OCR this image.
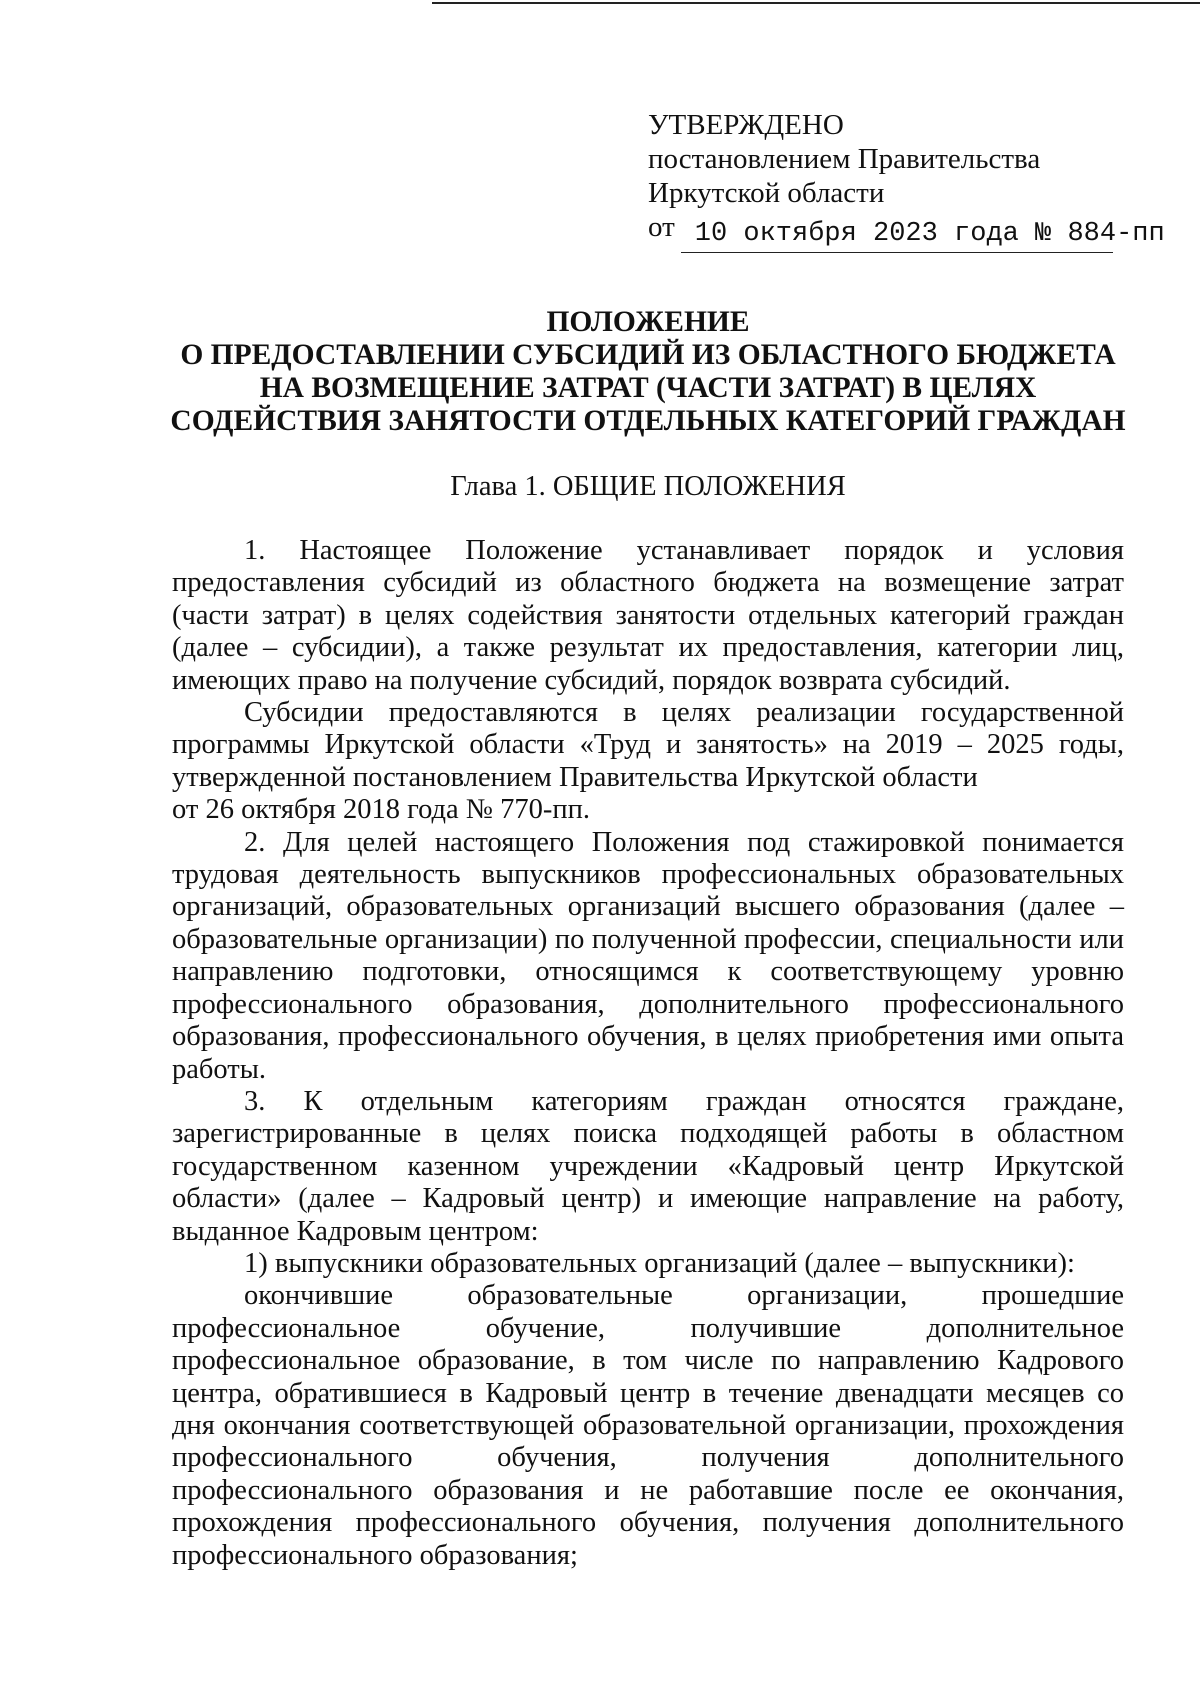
УТВЕРЖДЕНО
постановлением Правительства
Иркутской области
от 10 октября 2023 года № 884-пп
ПОЛОЖЕНИЕ
О ПРЕДОСТАВЛЕНИИ СУБСИДИЙ ИЗ ОБЛАСТНОГО БЮДЖЕТА
НА ВОЗМЕЩЕНИЕ ЗАТРАТ (ЧАСТИ ЗАТРАТ) В ЦЕЛЯХ
СОДЕЙСТВИЯ ЗАНЯТОСТИ ОТДЕЛЬНЫХ КАТЕГОРИЙ ГРАЖДАН
Глава 1. ОБЩИЕ ПОЛОЖЕНИЯ

1. Настоящее Положение устанавливает порядок и условия предоставления субсидий из областного бюджета на возмещение затрат (части затрат) в целях содействия занятости отдельных категорий граждан (далее – субсидии), а также результат их предоставления, категории лиц, имеющих право на получение субсидий, порядок возврата субсидий.

Субсидии предоставляются в целях реализации государственной программы Иркутской области «Труд и занятость» на 2019 – 2025 годы, утвержденной постановлением Правительства Иркутской области

от 26 октября 2018 года № 770-пп.

2. Для целей настоящего Положения под стажировкой понимается трудовая деятельность выпускников профессиональных образовательных организаций, образовательных организаций высшего образования (далее – образовательные организации) по полученной профессии, специальности или направлению подготовки, относящимся к соответствующему уровню профессионального образования, дополнительного профессионального образования, профессионального обучения, в целях приобретения ими опыта работы.

3. К отдельным категориям граждан относятся граждане, зарегистрированные в целях поиска подходящей работы в областном государственном казенном учреждении «Кадровый центр Иркутской области» (далее – Кадровый центр) и имеющие направление на работу, выданное Кадровым центром:

1) выпускники образовательных организаций (далее – выпускники):

окончившие образовательные организации, прошедшие профессиональное обучение, получившие дополнительное профессиональное образование, в том числе по направлению Кадрового центра, обратившиеся в Кадровый центр в течение двенадцати месяцев со дня окончания соответствующей образовательной организации, прохождения профессионального обучения, получения дополнительного профессионального образования и не работавшие после ее окончания, прохождения профессионального обучения, получения дополнительного профессионального образования;
